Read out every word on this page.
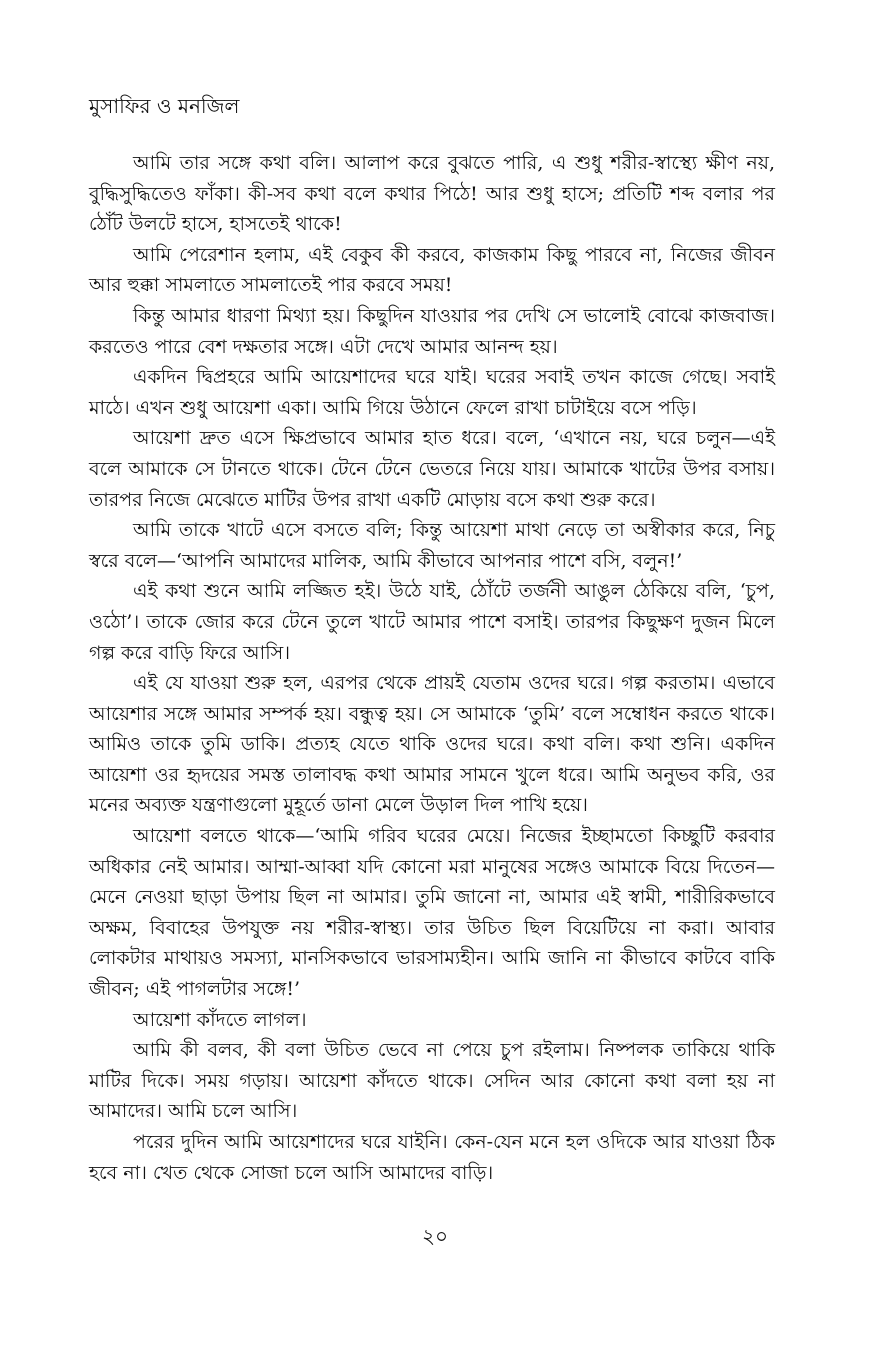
মুসাফির ও মনজিল

আমি তার সঙ্গে কথা বলি। আলাপ করে বুঝতে পারি, এ শুধু শরীর-স্বাস্থ্যে ক্ষীণ নয়, বুদ্ধিসুদ্ধিতেও ফাঁকা। কী-সব কথা বলে কথার পিঠে! আর শুধু হাসে; প্রতিটি শব্দ বলার পর ঠোঁট উলটে হাসে, হাসতেই থাকে!

আমি পেরেশান হলাম, এই বেকুব কী করবে, কাজকাম কিছু পারবে না, নিজের জীবন আর হুক্কা সামলাতে সামলাতেই পার করবে সময়!

কিন্তু আমার ধারণা মিথ্যা হয়। কিছুদিন যাওয়ার পর দেখি সে ভালোই বোঝে কাজবাজ। করতেও পারে বেশ দক্ষতার সঙ্গে। এটা দেখে আমার আনন্দ হয়।

একদিন দ্বিপ্রহরে আমি আয়েশাদের ঘরে যাই। ঘরের সবাই তখন কাজে গেছে। সবাই মাঠে। এখন শুধু আয়েশা একা। আমি গিয়ে উঠানে ফেলে রাখা চাটাইয়ে বসে পড়ি।

আয়েশা দ্রুত এসে ক্ষিপ্রভাবে আমার হাত ধরে। বলে, ‘এখানে নয়, ঘরে চলুন—এই বলে আমাকে সে টানতে থাকে। টেনে টেনে ভেতরে নিয়ে যায়। আমাকে খাটের উপর বসায়। তারপর নিজে মেঝেতে মাটির উপর রাখা একটি মোড়ায় বসে কথা শুরু করে।

আমি তাকে খাটে এসে বসতে বলি; কিন্তু আয়েশা মাথা নেড়ে তা অস্বীকার করে, নিচু স্বরে বলে—‘আপনি আমাদের মালিক, আমি কীভাবে আপনার পাশে বসি, বলুন!’

এই কথা শুনে আমি লজ্জিত হই। উঠে যাই, ঠোঁটে তর্জনী আঙুল ঠেকিয়ে বলি, ‘চুপ, ওঠো’। তাকে জোর করে টেনে তুলে খাটে আমার পাশে বসাই। তারপর কিছুক্ষণ দুজন মিলে গল্প করে বাড়ি ফিরে আসি।

এই যে যাওয়া শুরু হল, এরপর থেকে প্রায়ই যেতাম ওদের ঘরে। গল্প করতাম। এভাবে আয়েশার সঙ্গে আমার সম্পর্ক হয়। বন্ধুত্ব হয়। সে আমাকে ‘তুমি’ বলে সম্বোধন করতে থাকে। আমিও তাকে তুমি ডাকি। প্রত্যহ যেতে থাকি ওদের ঘরে। কথা বলি। কথা শুনি। একদিন আয়েশা ওর হৃদয়ের সমস্ত তালাবদ্ধ কথা আমার সামনে খুলে ধরে। আমি অনুভব করি, ওর মনের অব্যক্ত যন্ত্রণাগুলো মুহূর্তে ডানা মেলে উড়াল দিল পাখি হয়ে।

আয়েশা বলতে থাকে—‘আমি গরিব ঘরের মেয়ে। নিজের ইচ্ছামতো কিচ্ছুটি করবার অধিকার নেই আমার। আম্মা-আব্বা যদি কোনো মরা মানুষের সঙ্গেও আমাকে বিয়ে দিতেন—মেনে নেওয়া ছাড়া উপায় ছিল না আমার। তুমি জানো না, আমার এই স্বামী, শারীরিকভাবে অক্ষম, বিবাহের উপযুক্ত নয় শরীর-স্বাস্থ্য। তার উচিত ছিল বিয়েটিয়ে না করা। আবার লোকটার মাথায়ও সমস্যা, মানসিকভাবে ভারসাম্যহীন। আমি জানি না কীভাবে কাটবে বাকি জীবন; এই পাগলটার সঙ্গে!’

আয়েশা কাঁদতে লাগল।

আমি কী বলব, কী বলা উচিত ভেবে না পেয়ে চুপ রইলাম। নিষ্পলক তাকিয়ে থাকি মাটির দিকে। সময় গড়ায়। আয়েশা কাঁদতে থাকে। সেদিন আর কোনো কথা বলা হয় না আমাদের। আমি চলে আসি।

পরের দুদিন আমি আয়েশাদের ঘরে যাইনি। কেন-যেন মনে হল ওদিকে আর যাওয়া ঠিক হবে না। খেত থেকে সোজা চলে আসি আমাদের বাড়ি।

২০
